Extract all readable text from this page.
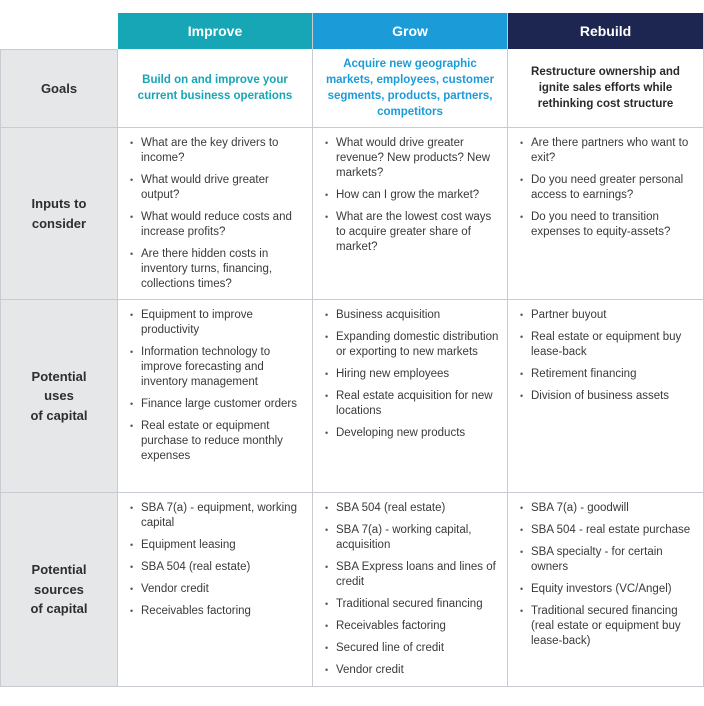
Improve	Grow	Rebuild
Goals
Build on and improve your current business operations
Acquire new geographic markets, employees, customer segments, products, partners, competitors
Restructure ownership and ignite sales efforts while rethinking cost structure
Inputs to
consider
• What are the key drivers to income?
• What would drive greater output?
• What would reduce costs and increase profits?
• Are there hidden costs in inventory turns, financing, collections times?
• What would drive greater revenue? New products? New markets?
• How can I grow the market?
• What are the lowest cost ways to acquire greater share of market?
• Are there partners who want to exit?
• Do you need greater personal access to earnings?
• Do you need to transition expenses to equity-assets?
Potential
uses
of capital
• Equipment to improve productivity
• Information technology to improve forecasting and inventory management
• Finance large customer orders
• Real estate or equipment purchase to reduce monthly expenses
• Business acquisition
• Expanding domestic distribution or exporting to new markets
• Hiring new employees
• Real estate acquisition for new locations
• Developing new products
• Partner buyout
• Real estate or equipment buy lease-back
• Retirement financing
• Division of business assets
Potential
sources
of capital
• SBA 7(a) - equipment, working capital
• Equipment leasing
• SBA 504 (real estate)
• Vendor credit
• Receivables factoring
• SBA 504 (real estate)
• SBA 7(a) - working capital, acquisition
• SBA Express loans and lines of credit
• Traditional secured financing
• Receivables factoring
• Secured line of credit
• Vendor credit
• SBA 7(a) - goodwill
• SBA 504 - real estate purchase
• SBA specialty - for certain owners
• Equity investors (VC/Angel)
• Traditional secured financing (real estate or equipment buy lease-back)
